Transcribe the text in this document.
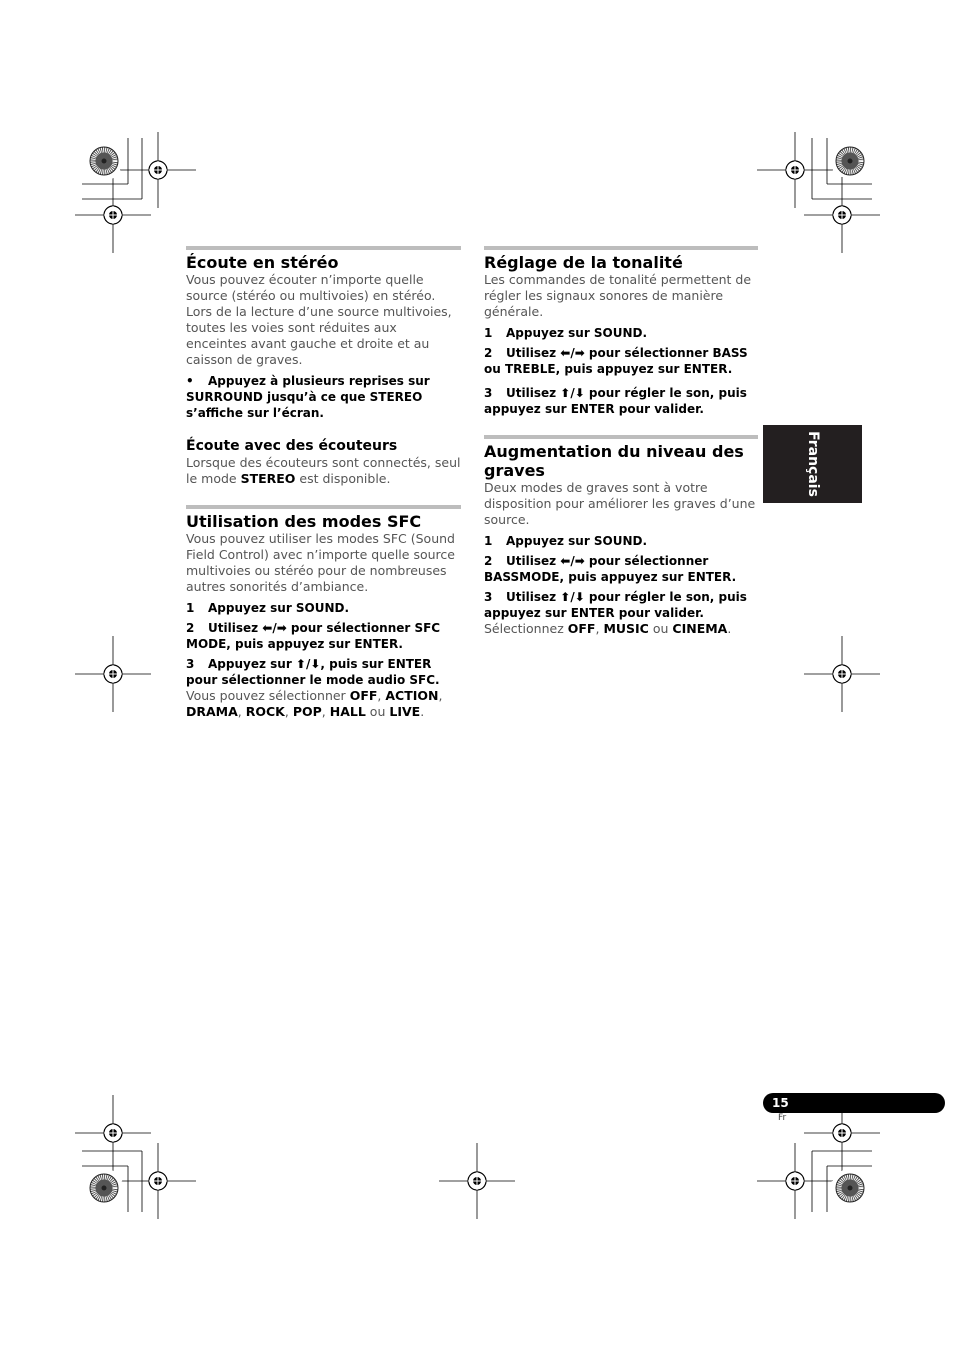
Écoute en stéréo

Vous pouvez écouter n’importe quelle source (stéréo ou multivoies) en stéréo. Lors de la lecture d’une source multivoies, toutes les voies sont réduites aux enceintes avant gauche et droite et au caisson de graves.

• Appuyez à plusieurs reprises sur SURROUND jusqu’à ce que STEREO s’affiche sur l’écran.

Écoute avec des écouteurs

Lorsque des écouteurs sont connectés, seul le mode STEREO est disponible.

Utilisation des modes SFC

Vous pouvez utiliser les modes SFC (Sound Field Control) avec n’importe quelle source multivoies ou stéréo pour de nombreuses autres sonorités d’ambiance.

1 Appuyez sur SOUND.

2 Utilisez ⬅/➡ pour sélectionner SFC MODE, puis appuyez sur ENTER.

3 Appuyez sur ⬆/⬇, puis sur ENTER pour sélectionner le mode audio SFC.

Vous pouvez sélectionner OFF, ACTION, DRAMA, ROCK, POP, HALL ou LIVE.

Réglage de la tonalité

Les commandes de tonalité permettent de régler les signaux sonores de manière générale.

1 Appuyez sur SOUND.

2 Utilisez ⬅/➡ pour sélectionner BASS ou TREBLE, puis appuyez sur ENTER.

3 Utilisez ⬆/⬇ pour régler le son, puis appuyez sur ENTER pour valider.

Augmentation du niveau des graves

Deux modes de graves sont à votre disposition pour améliorer les graves d’une source.

1 Appuyez sur SOUND.

2 Utilisez ⬅/➡ pour sélectionner BASSMODE, puis appuyez sur ENTER.

3 Utilisez ⬆/⬇ pour régler le son, puis appuyez sur ENTER pour valider.

Sélectionnez OFF, MUSIC ou CINEMA.

Français
15
Fr
